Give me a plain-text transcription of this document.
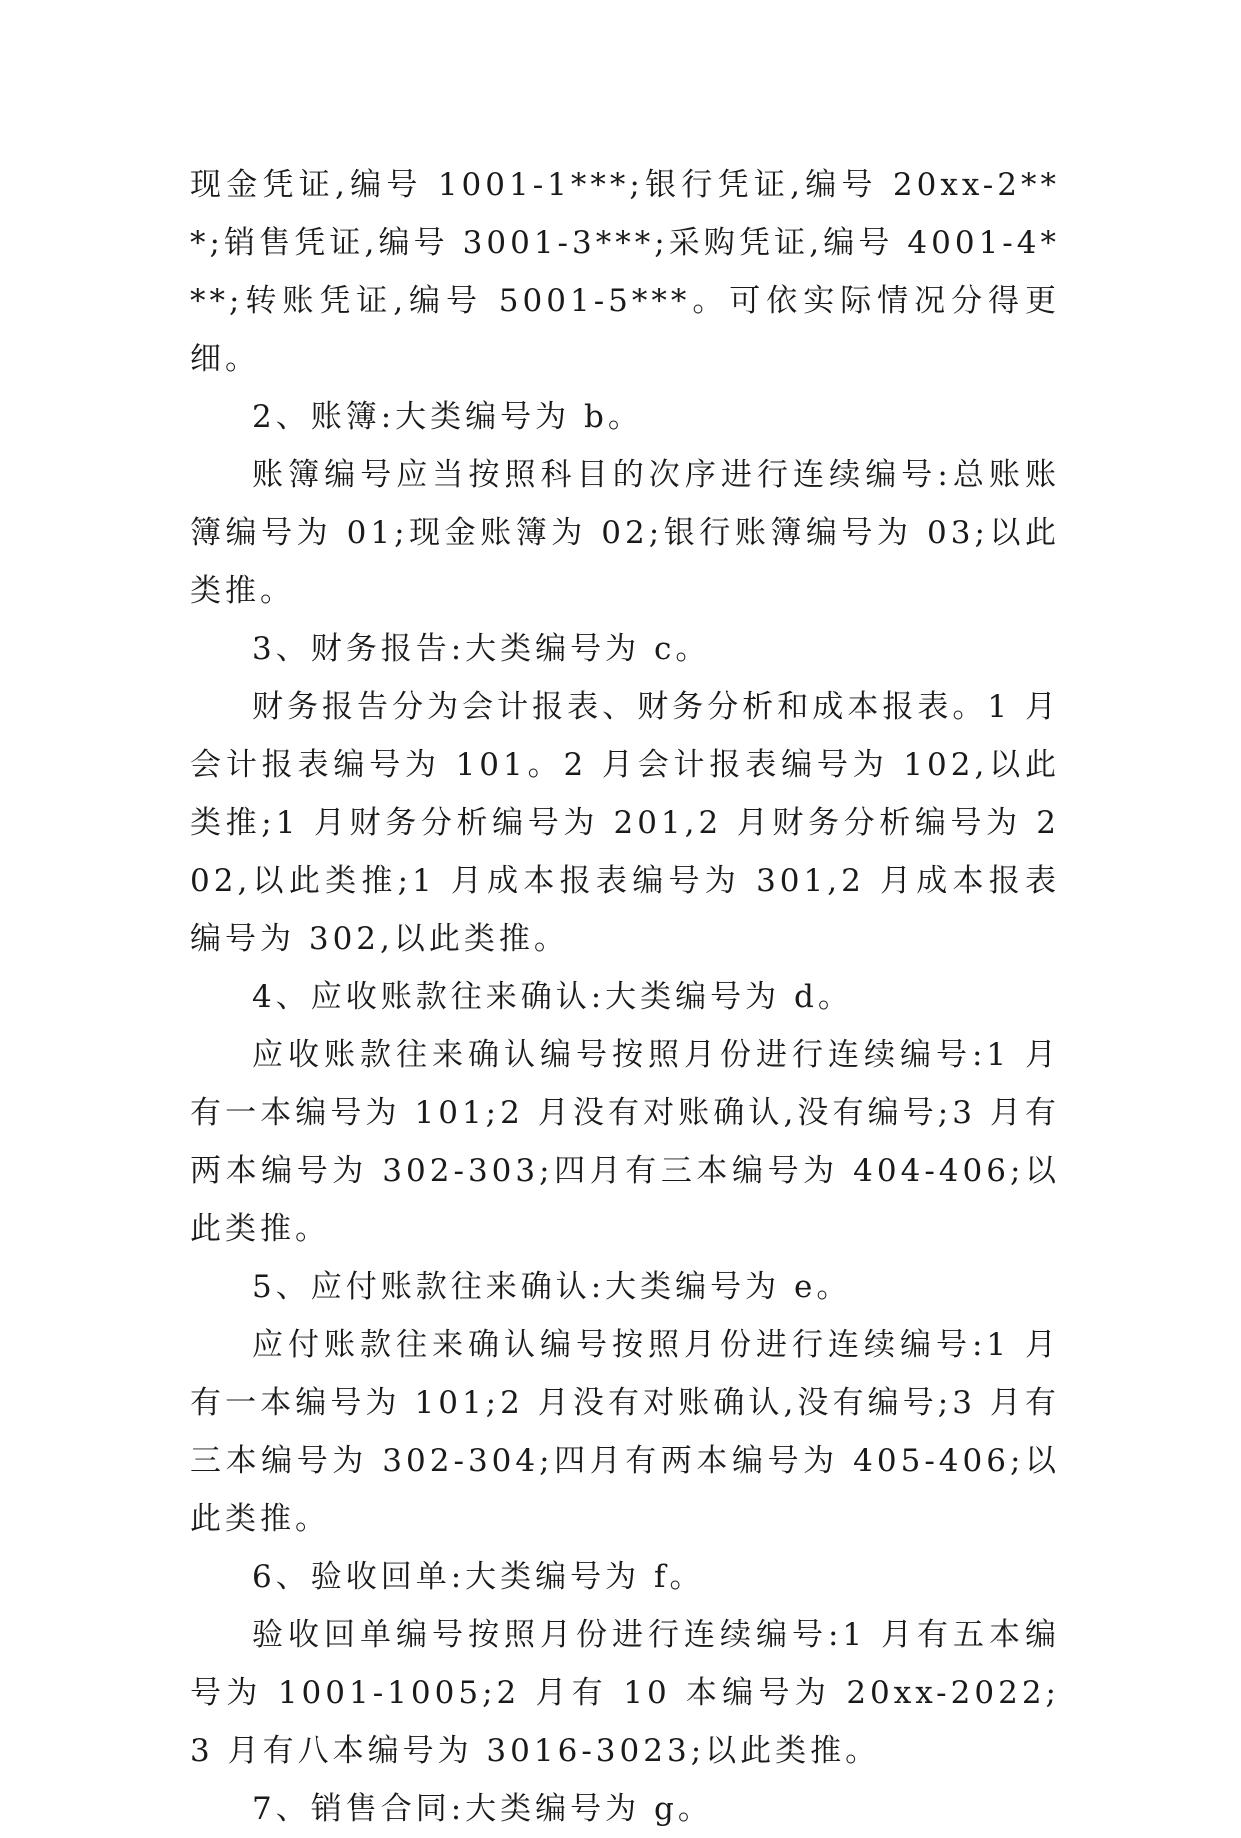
现金凭证,编号 1001-1***;银行凭证,编号 20xx-2***;销售凭证,编号 3001-3***;采购凭证,编号 4001-4***;转账凭证,编号 5001-5***。可依实际情况分得更细。

2、账簿:大类编号为 b。

账簿编号应当按照科目的次序进行连续编号:总账账簿编号为 01;现金账簿为 02;银行账簿编号为 03;以此类推。

3、财务报告:大类编号为 c。

财务报告分为会计报表、财务分析和成本报表。1 月会计报表编号为 101。2 月会计报表编号为 102,以此类推;1 月财务分析编号为 201,2 月财务分析编号为 202,以此类推;1 月成本报表编号为 301,2 月成本报表编号为 302,以此类推。

4、应收账款往来确认:大类编号为 d。

应收账款往来确认编号按照月份进行连续编号:1 月有一本编号为 101;2 月没有对账确认,没有编号;3 月有两本编号为 302-303;四月有三本编号为 404-406;以此类推。

5、应付账款往来确认:大类编号为 e。

应付账款往来确认编号按照月份进行连续编号:1 月有一本编号为 101;2 月没有对账确认,没有编号;3 月有三本编号为 302-304;四月有两本编号为 405-406;以此类推。

6、验收回单:大类编号为 f。

验收回单编号按照月份进行连续编号:1 月有五本编号为 1001-1005;2 月有 10 本编号为 20xx-2022;3 月有八本编号为 3016-3023;以此类推。

7、销售合同:大类编号为 g。
